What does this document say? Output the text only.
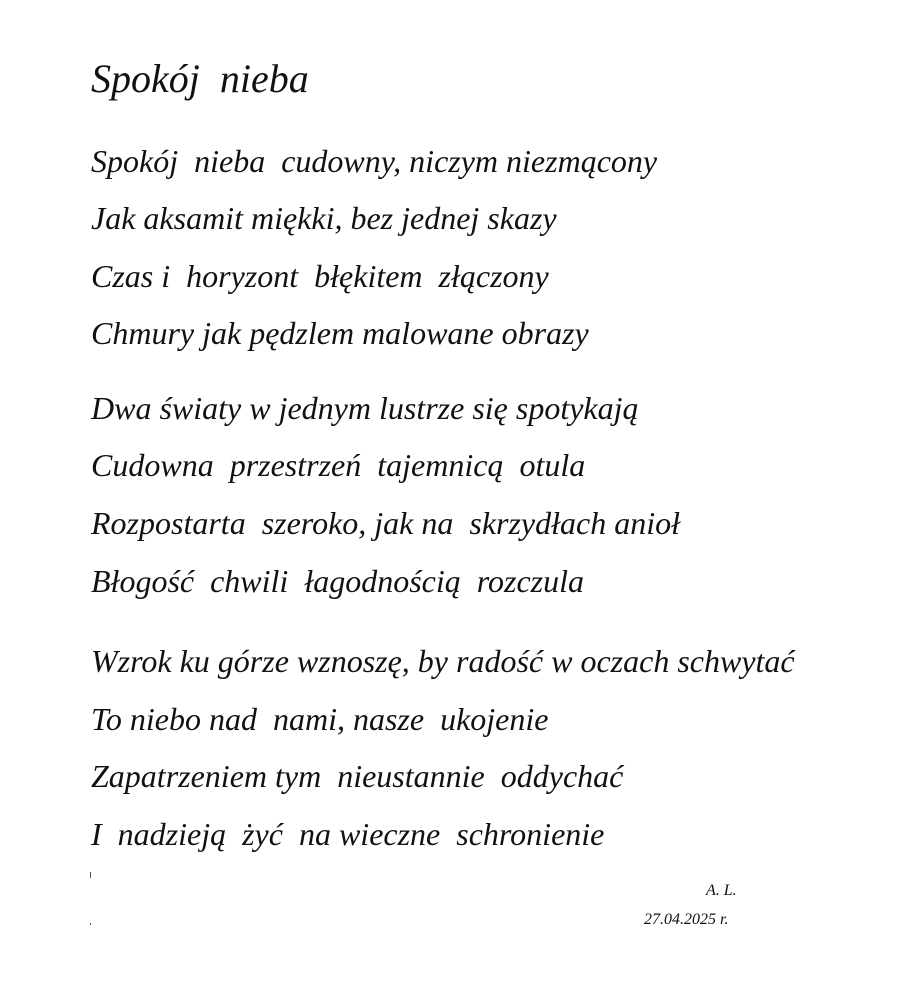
Spokój  nieba
Spokój  nieba  cudowny, niczym niezmącony
Jak aksamit miękki, bez jednej skazy
Czas i  horyzont  błękitem  złączony
Chmury jak pędzlem malowane obrazy
Dwa światy w jednym lustrze się spotykają
Cudowna  przestrzeń  tajemnicą  otula
Rozpostarta  szeroko, jak na  skrzydłach anioł
Błogość  chwili  łagodnością  rozczula
Wzrok ku górze wznoszę, by radość w oczach schwytać
To niebo nad  nami, nasze  ukojenie
Zapatrzeniem tym  nieustannie  oddychać
I  nadzieją  żyć  na wieczne  schronienie
A. L.
27.04.2025 r.
